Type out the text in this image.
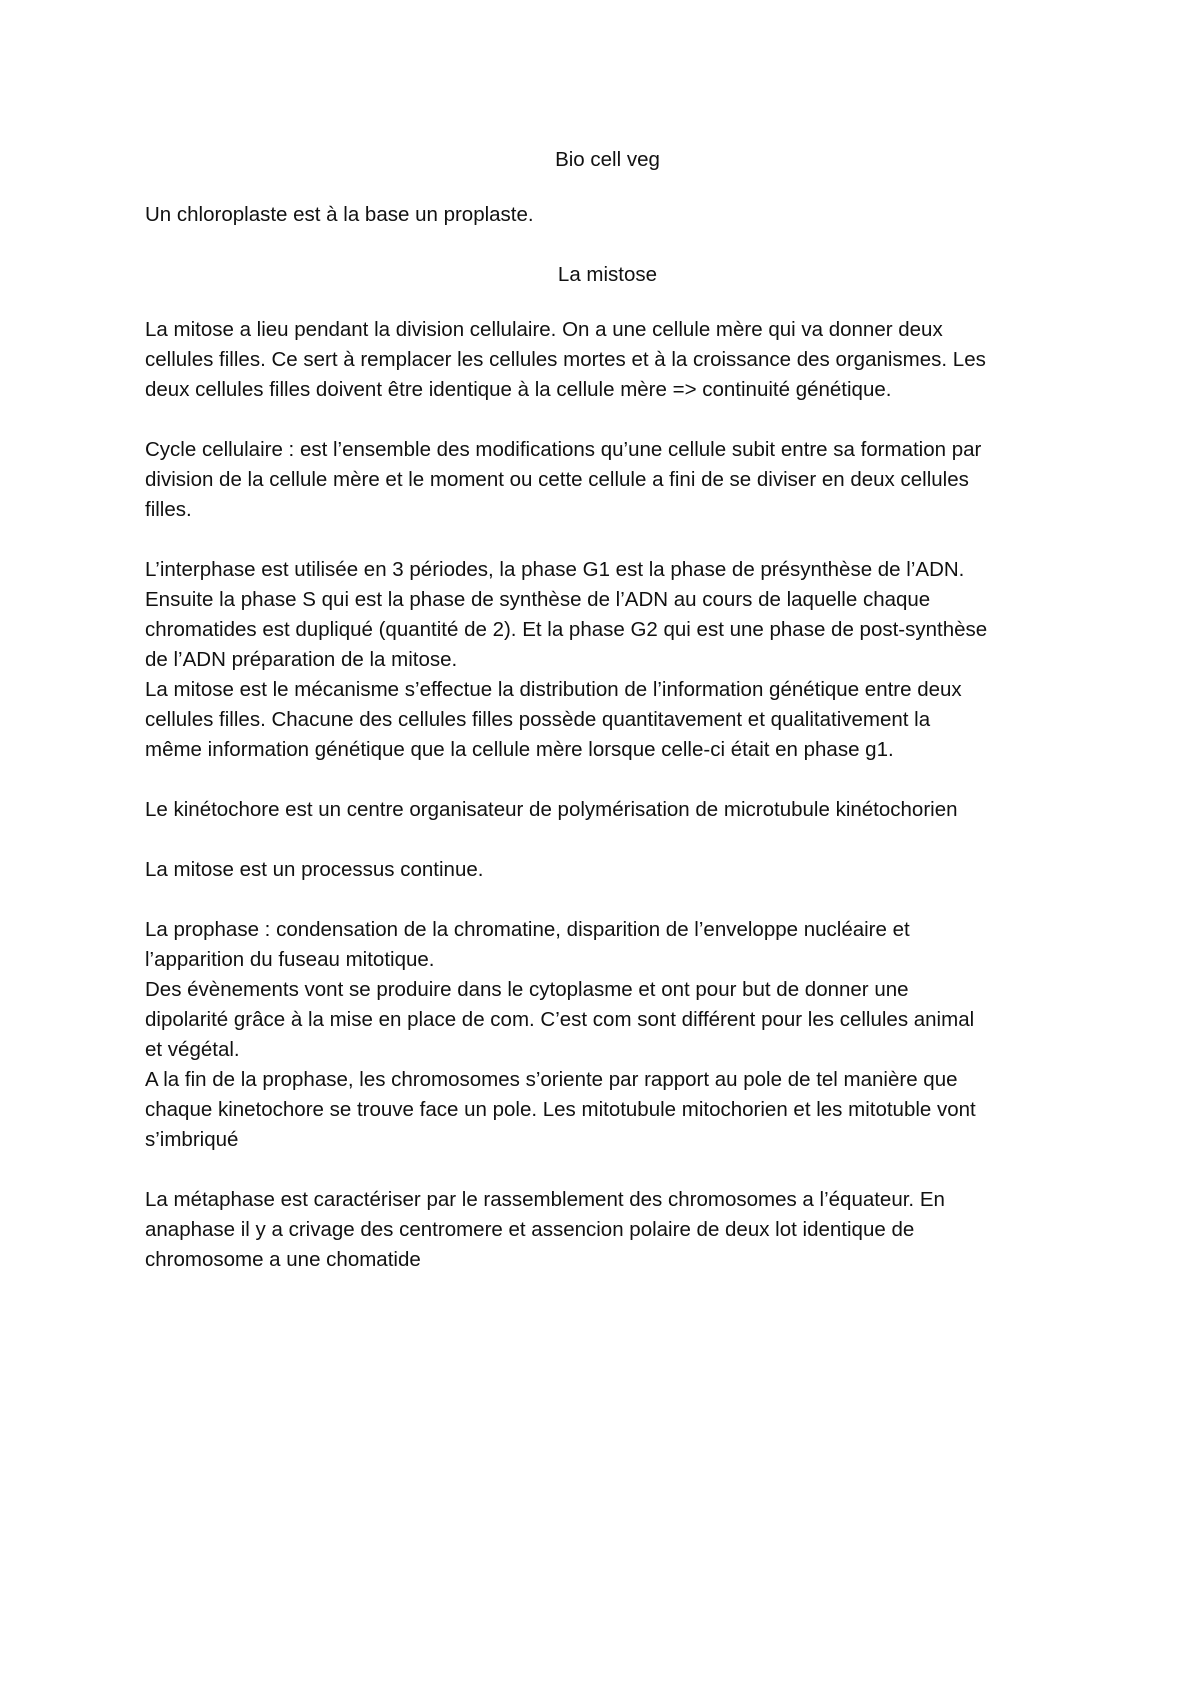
Bio cell veg
Un chloroplaste est à la base un proplaste.
La mistose
La mitose a lieu pendant la division cellulaire. On a une cellule mère qui va donner deux
cellules filles. Ce sert à remplacer les cellules mortes et à la croissance des organismes. Les
deux cellules filles doivent être identique à la cellule mère => continuité génétique.
Cycle cellulaire : est l’ensemble des modifications qu’une cellule subit entre sa formation par
division de la cellule mère et le moment ou cette cellule a fini de se diviser en deux cellules
filles.
L’interphase est utilisée en 3 périodes, la phase G1 est la phase de présynthèse de l’ADN.
Ensuite la phase S qui est la phase de synthèse de l’ADN au cours de laquelle chaque
chromatides est dupliqué (quantité de 2). Et la phase G2 qui est une phase de post-synthèse
de l’ADN préparation de la mitose.
La mitose est le mécanisme s’effectue la distribution de l’information génétique entre deux
cellules filles. Chacune des cellules filles possède quantitavement et qualitativement la
même information génétique que la cellule mère lorsque celle-ci était en phase g1.
Le kinétochore est un centre organisateur de polymérisation de microtubule kinétochorien
La mitose est un processus continue.
La prophase : condensation de la chromatine, disparition de l’enveloppe nucléaire et
l’apparition du fuseau mitotique.
Des évènements vont se produire dans le cytoplasme et ont pour but de donner une
dipolarité grâce à la mise en place de com. C’est com sont différent pour les cellules animal
et végétal.
A la fin de la prophase, les chromosomes s’oriente par rapport au pole de tel manière que
chaque kinetochore se trouve face un pole. Les mitotubule mitochorien et les mitotuble vont
s’imbriqué
La métaphase est caractériser par le rassemblement des chromosomes a l’équateur. En
anaphase il y a crivage des centromere et assencion polaire de deux lot identique de
chromosome a une chomatide
